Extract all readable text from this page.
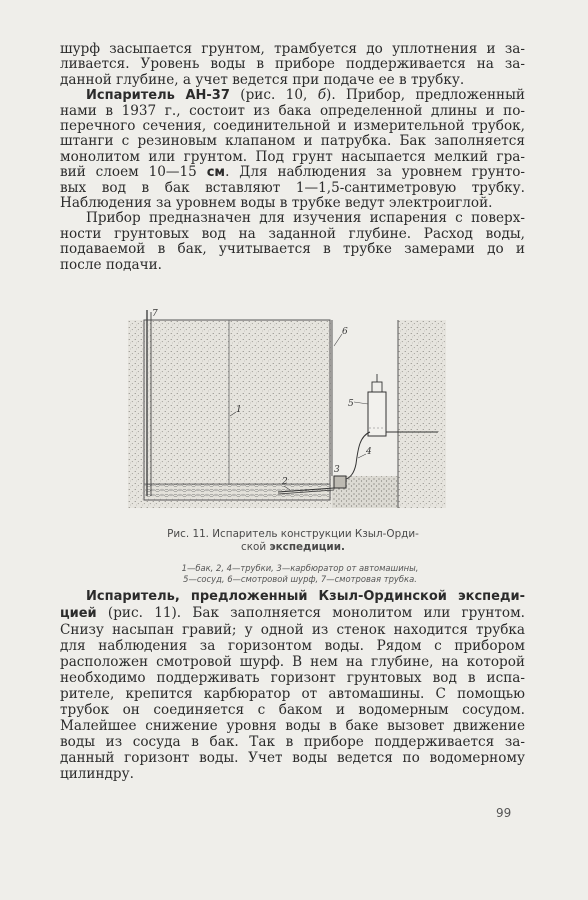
шурф засыпается грунтом, трамбуется до уплотнения и за-
ливается. Уровень воды в приборе поддерживается на за-
данной глубине, а учет ведется при подаче ее в трубку.

Испаритель АН-37 (рис. 10, б). Прибор, предложенный
нами в 1937 г., состоит из бака определенной длины и по-
перечного сечения, соединительной и измерительной трубок,
штанги с резиновым клапаном и патрубка. Бак заполняется
монолитом или грунтом. Под грунт насыпается мелкий гра-
вий слоем 10—15 см. Для наблюдения за уровнем грунто-
вых вод в бак вставляют 1—1,5-сантиметровую трубку.
Наблюдения за уровнем воды в трубке ведут электроиглой.

Прибор предназначен для изучения испарения с поверх-
ности грунтовых вод на заданной глубине. Расход воды,
подаваемой в бак, учитывается в трубке замерами до и
после подачи.

7
6
1
5
4
3
2
Рис. 11. Испаритель конструкции Кзыл-Орди-
ской экспедиции.
1—бак, 2, 4—трубки, 3—карбюратор от автомашины,
5—сосуд, 6—смотровой шурф, 7—смотровая трубка.

Испаритель, предложенный Кзыл-Ординской экспеди-
цией (рис. 11). Бак заполняется монолитом или грунтом.
Снизу насыпан гравий; у одной из стенок находится трубка
для наблюдения за горизонтом воды. Рядом с прибором
расположен смотровой шурф. В нем на глубине, на которой
необходимо поддерживать горизонт грунтовых вод в испа-
рителе, крепится карбюратор от автомашины. С помощью
трубок он соединяется с баком и водомерным сосудом.
Малейшее снижение уровня воды в баке вызовет движение
воды из сосуда в бак. Так в приборе поддерживается за-
данный горизонт воды. Учет воды ведется по водомерному
цилиндру.

99
